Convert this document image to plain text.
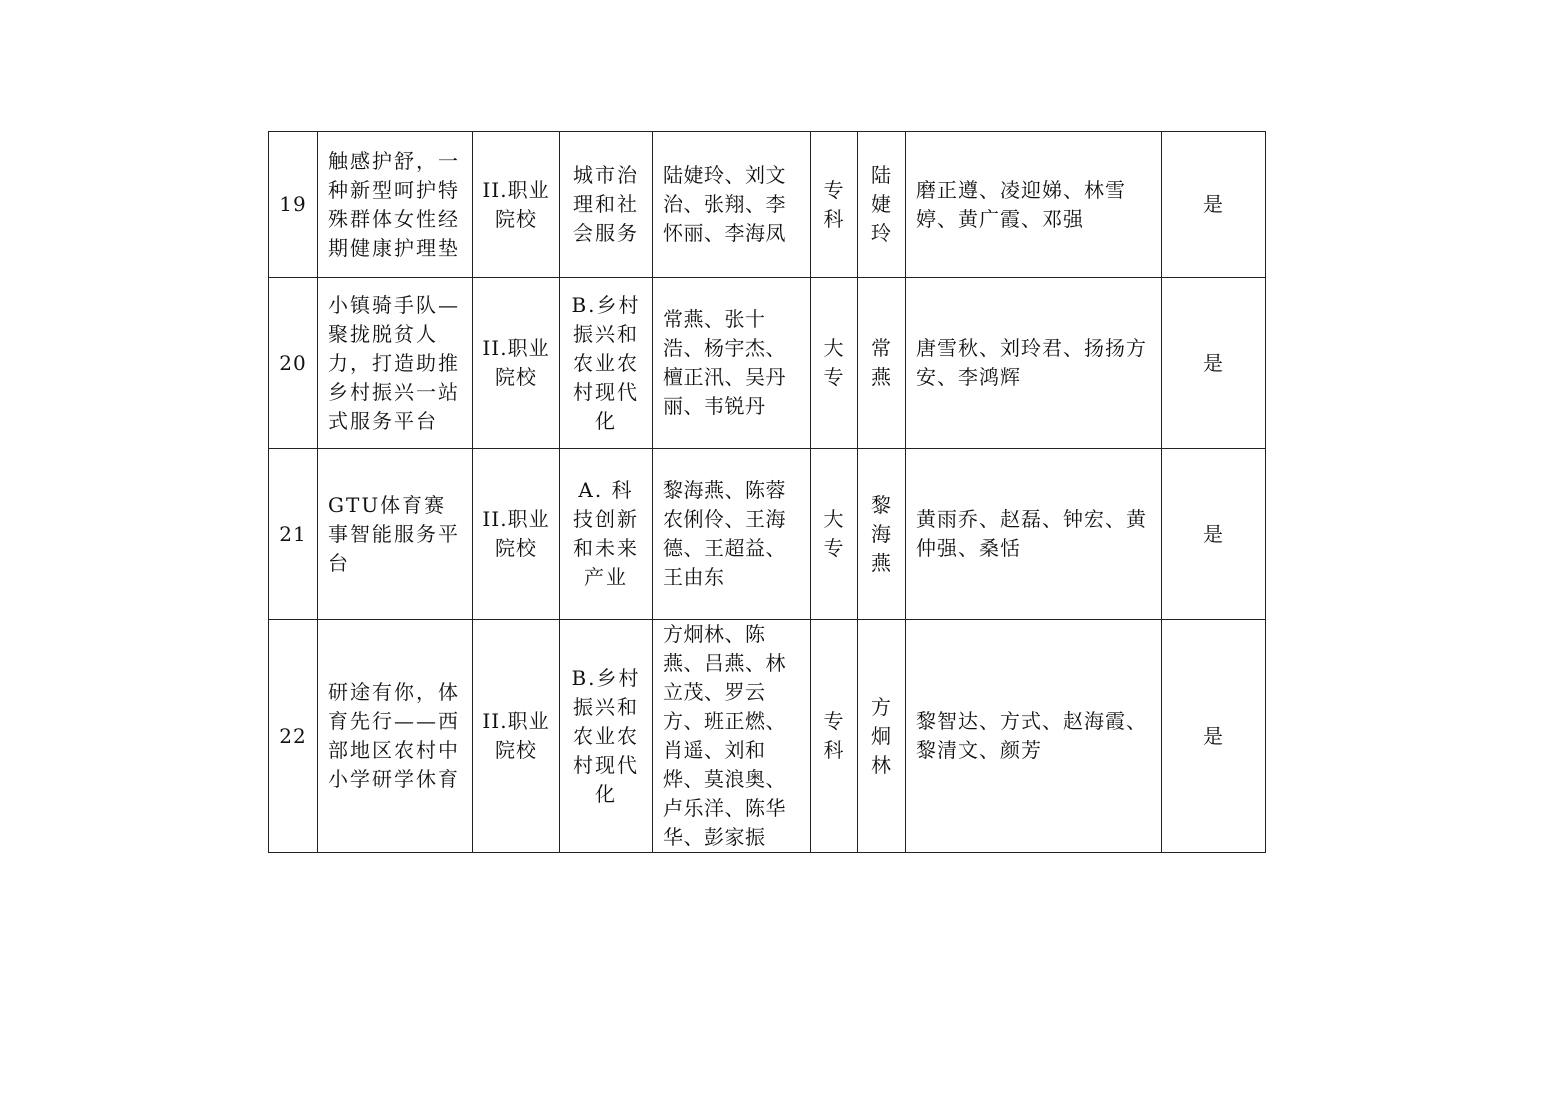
19	触感护舒，一种新型呵护特殊群体女性经期健康护理垫	II.职业院校	城市治理和社会服务	陆婕玲、刘文治、张翔、李怀丽、李海凤	专科	陆婕玲	磨正遵、凌迎娣、林雪婷、黄广霞、邓强	是
20	小镇骑手队—聚拢脱贫人力，打造助推乡村振兴一站式服务平台	II.职业院校	B.乡村振兴和农业农村现代化	常燕、张十浩、杨宇杰、檀正汛、吴丹丽、韦锐丹	大专	常燕	唐雪秋、刘玲君、扬扬方安、李鸿辉	是
21	GTU体育赛事智能服务平台	II.职业院校	A. 科技创新和未来产业	黎海燕、陈蓉农俐伶、王海德、王超益、王由东	大专	黎海燕	黄雨乔、赵磊、钟宏、黄仲强、桑恬	是
22	研途有你，体育先行——西部地区农村中小学研学休育	II.职业院校	B.乡村振兴和农业农村现代化	方炯林、陈燕、吕燕、林立茂、罗云方、班正燃、肖遥、刘和烨、莫浪奥、卢乐洋、陈华华、彭家振	专科	方炯林	黎智达、方式、赵海霞、黎清文、颜芳	是
